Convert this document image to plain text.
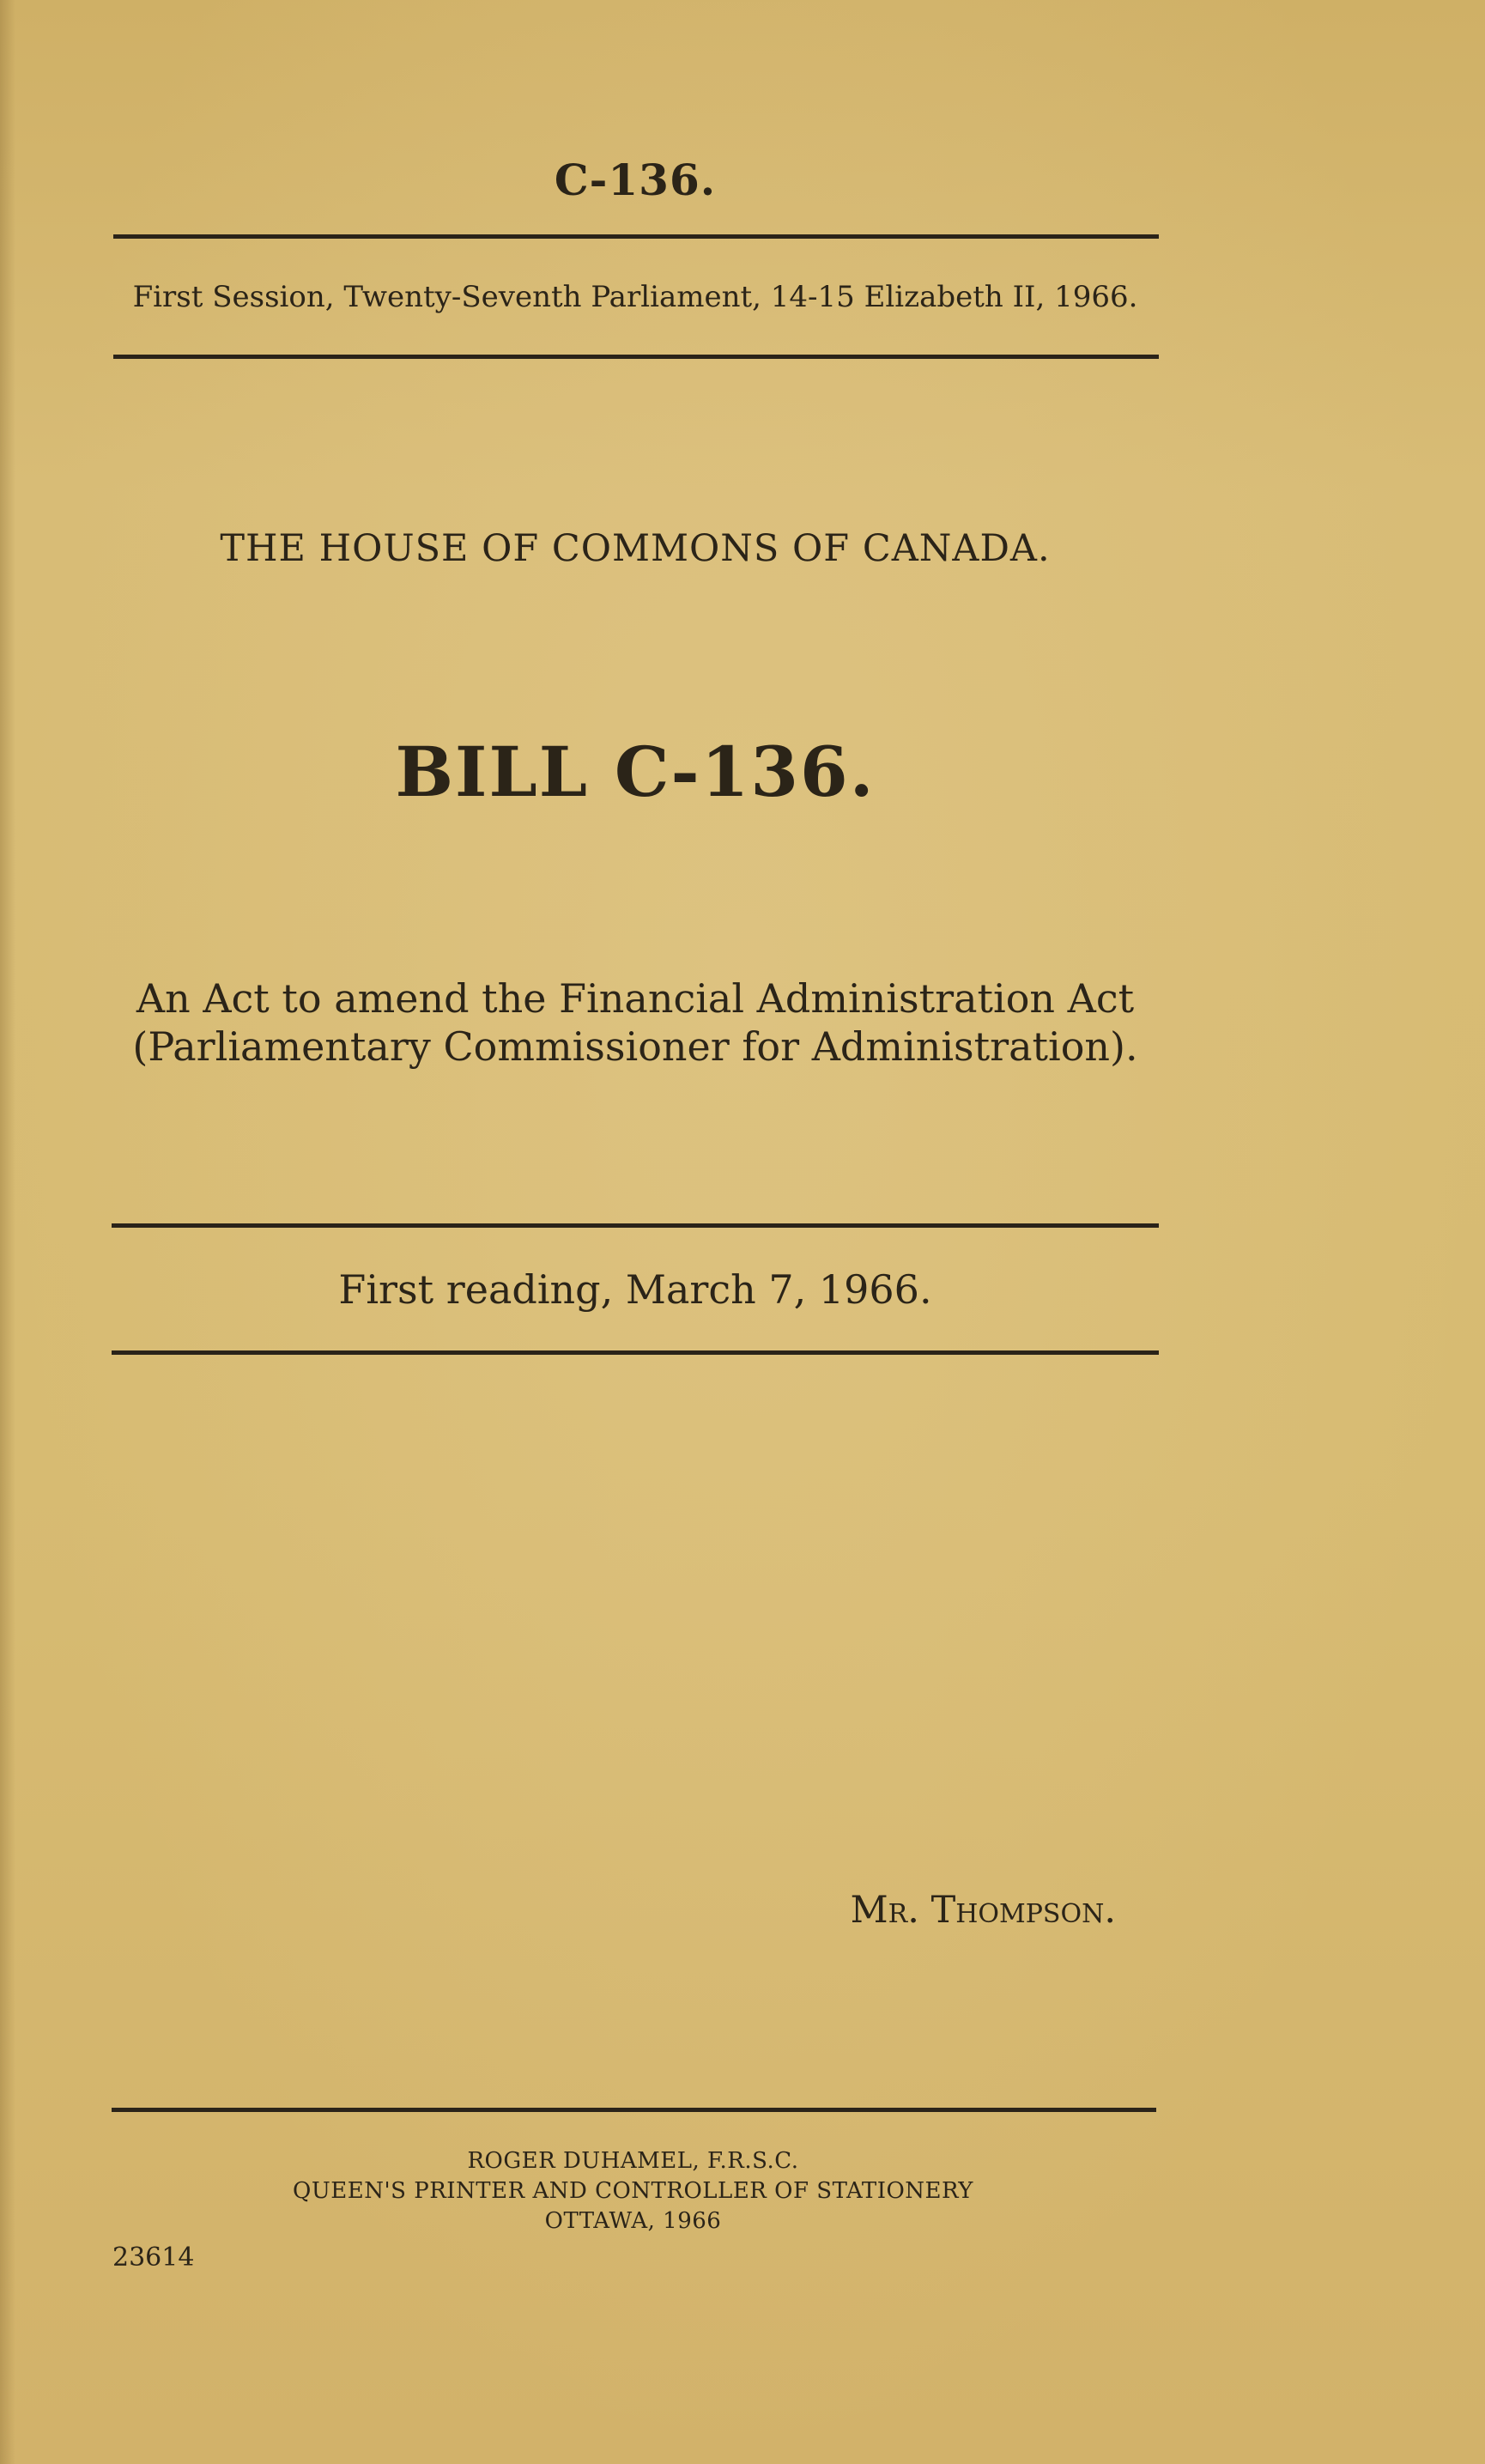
C-136.
First Session, Twenty-Seventh Parliament, 14-15 Elizabeth II, 1966.
THE HOUSE OF COMMONS OF CANADA.
BILL C-136.
An Act to amend the Financial Administration Act
(Parliamentary Commissioner for Administration).
First reading, March 7, 1966.
Mr. Thompson.
ROGER DUHAMEL, F.R.S.C.
QUEEN'S PRINTER AND CONTROLLER OF STATIONERY
OTTAWA, 1966
23614
